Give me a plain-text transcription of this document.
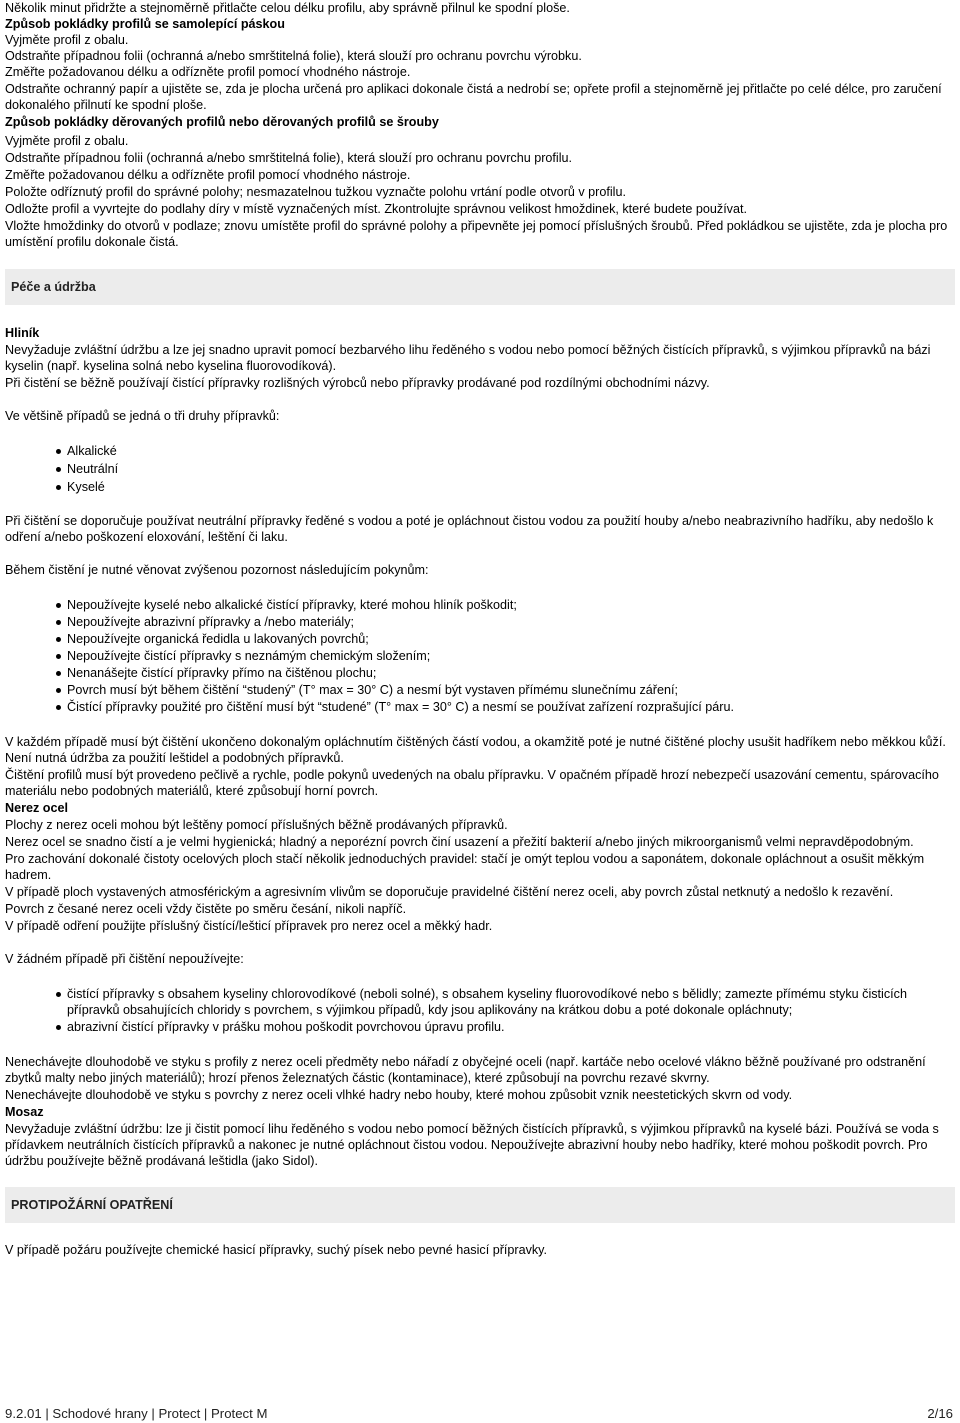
Několik minut přidržte a stejnoměrně přitlačte celou délku profilu, aby správně přilnul ke spodní ploše.

Způsob pokládky profilů se samolepící páskou

Vyjměte profil z obalu.

Odstraňte případnou folii (ochranná a/nebo smrštitelná folie), která slouží pro ochranu povrchu výrobku.

Změřte požadovanou délku a odřízněte profil pomocí vhodného nástroje.

Odstraňte ochranný papír a ujistěte se, zda je plocha určená pro aplikaci dokonale čistá a nedrobí se; opřete profil a stejnoměrně jej přitlačte po celé délce, pro zaručení dokonalého přilnutí ke spodní ploše.

Způsob pokládky děrovaných profilů nebo děrovaných profilů se šrouby

Vyjměte profil z obalu.

Odstraňte případnou folii (ochranná a/nebo smrštitelná folie), která slouží pro ochranu povrchu profilu.

Změřte požadovanou délku a odřízněte profil pomocí vhodného nástroje.

Položte odříznutý profil do správné polohy; nesmazatelnou tužkou vyznačte polohu vrtání podle otvorů v profilu.

Odložte profil a vyvrtejte do podlahy díry v místě vyznačených míst. Zkontrolujte správnou velikost hmoždinek, které budete používat.

Vložte hmoždinky do otvorů v podlaze; znovu umístěte profil do správné polohy a připevněte jej pomocí příslušných šroubů. Před pokládkou se ujistěte, zda je plocha pro umístění profilu dokonale čistá.

Péče a údržba

Hliník

Nevyžaduje zvláštní údržbu a lze jej snadno upravit pomocí bezbarvého lihu ředěného s vodou nebo pomocí běžných čistících přípravků, s výjimkou přípravků na bázi kyselin (např. kyselina solná nebo kyselina fluorovodíková).

Při čistění se běžně používají čistící přípravky rozlišných výrobců nebo přípravky prodávané pod rozdílnými obchodními názvy.

Ve většině případů se jedná o tři druhy přípravků:

Alkalické
Neutrální
Kyselé

Při čištění se doporučuje používat neutrální přípravky ředěné s vodou a poté je opláchnout čistou vodou za použití houby a/nebo neabrazivního hadříku, aby nedošlo k odření a/nebo poškození eloxování, leštění či laku.

Během čistění je nutné věnovat zvýšenou pozornost následujícím pokynům:

Nepoužívejte kyselé nebo alkalické čistící přípravky, které mohou hliník poškodit;
Nepoužívejte abrazivní přípravky a /nebo materiály;
Nepoužívejte organická ředidla u lakovaných povrchů;
Nepoužívejte čistící přípravky s neznámým chemickým složením;
Nenanášejte čistící přípravky přímo na čištěnou plochu;
Povrch musí být během čištění “studený” (T° max = 30° C) a nesmí být vystaven přímému slunečnímu záření;
Čistící přípravky použité pro čištění musí být “studené” (T° max = 30° C) a nesmí se používat zařízení rozprašující páru.

V každém případě musí být čištění ukončeno dokonalým opláchnutím čištěných částí vodou, a okamžitě poté je nutné čištěné plochy usušit hadříkem nebo měkkou kůží. Není nutná údržba za použití leštidel a podobných přípravků.

Čištění profilů musí být provedeno pečlivě a rychle, podle pokynů uvedených na obalu přípravku. V opačném případě hrozí nebezpečí usazování cementu, spárovacího materiálu nebo podobných materiálů, které způsobují horní povrch.

Nerez ocel

Plochy z nerez oceli mohou být leštěny pomocí příslušných běžně prodávaných přípravků.

Nerez ocel se snadno čistí a je velmi hygienická; hladný a neporézní povrch činí usazení a přežití bakterií a/nebo jiných mikroorganismů velmi nepravděpodobným.

Pro zachování dokonalé čistoty ocelových ploch stačí několik jednoduchých pravidel: stačí je omýt teplou vodou a saponátem, dokonale opláchnout a osušit měkkým hadrem.

V případě ploch vystavených atmosférickým a agresivním vlivům se doporučuje pravidelné čištění nerez oceli, aby povrch zůstal netknutý a nedošlo k rezavění.

Povrch z česané nerez oceli vždy čistěte po směru česání, nikoli napříč.

V případě odření použijte příslušný čistící/lešticí přípravek pro nerez ocel a měkký hadr.

V žádném případě při čištění nepoužívejte:

čistící přípravky s obsahem kyseliny chlorovodíkové (neboli solné), s obsahem kyseliny fluorovodíkové nebo s bělidly; zamezte přímému styku čisticích přípravků obsahujících chloridy s povrchem, s výjimkou případů, kdy jsou aplikovány na krátkou dobu a poté dokonale opláchnuty;
abrazivní čistící přípravky v prášku mohou poškodit povrchovou úpravu profilu.

Nenechávejte dlouhodobě ve styku s profily z nerez oceli předměty nebo nářadí z obyčejné oceli (např. kartáče nebo ocelové vlákno běžně používané pro odstranění zbytků malty nebo jiných materiálů); hrozí přenos železnatých částic (kontaminace), které způsobují na povrchu rezavé skvrny.

Nenechávejte dlouhodobě ve styku s povrchy z nerez oceli vlhké hadry nebo houby, které mohou způsobit vznik neestetických skvrn od vody.

Mosaz

Nevyžaduje zvláštní údržbu: lze ji čistit pomocí lihu ředěného s vodou nebo pomocí běžných čistících přípravků, s výjimkou přípravků na kyselé bázi. Používá se voda s přídavkem neutrálních čistících přípravků a nakonec je nutné opláchnout čistou vodou. Nepoužívejte abrazivní houby nebo hadříky, které mohou poškodit povrch. Pro údržbu používejte běžně prodávaná leštidla (jako Sidol).

PROTIPOŽÁRNÍ OPATŘENÍ

V případě požáru používejte chemické hasicí přípravky, suchý písek nebo pevné hasicí přípravky.

9.2.01 | Schodové hrany | Protect | Protect M	2/16
